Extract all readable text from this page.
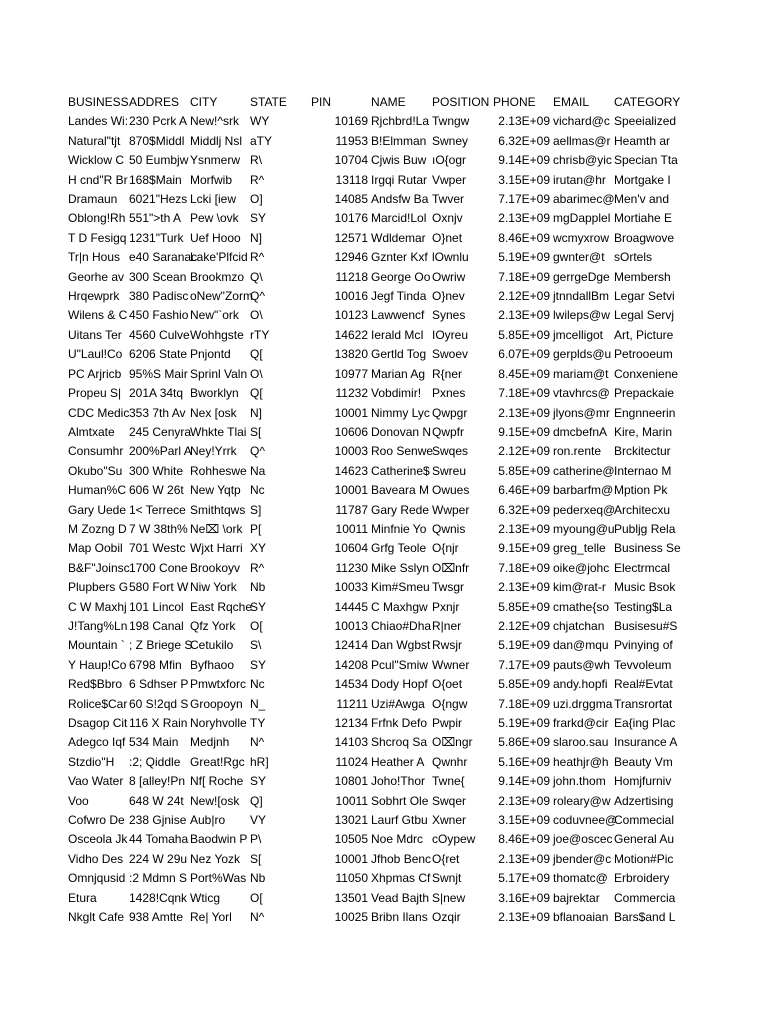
BUSINESS	ADDRES	CITY	STATE	PIN	NAME	POSITION	PHONE	EMAIL	CATEGORY
Landes Wi:	230 Pcrk A	New!^srk	WY	10169	Rjchbrd!La	Twngw	2.13E+09	vichard@c	Speeialized
Natural"tjt	870$Middl	Middlj Nsl	aTY	11953	B!Elmman	Swney	6.32E+09	aellmas@r	Heamth ar
Wicklow C	50 Eumbjw	Ysnmerw	R\	10704	Cjwis Buw	ıO{ogr	9.14E+09	chrisb@yic	Specian Tta
H cnd"R Br	168$Main	Morfwib	R^	13118	Irgqi Rutar	Vwper	3.15E+09	irutan@hr	Mortgake I
Dramaun	6021"Hezs	Lcki [iew	O]	14085	Andsfw Ba	Twver	7.17E+09	abarimec@	Men'v and
Oblong!Rh	551">th A	Pew \ovk	SY	10176	Marcid!Lol	Oxnjv	2.13E+09	mgDapplel	Mortiahe E
T D Fesigq	1231"Turk	Uef Hooo	N]	12571	Wdldemar	O}net	8.46E+09	wcmyxrow	Broagwove
Tr|n Hous	e40 Saranac	Lake'Plfcid	R^	12946	Gznter Kxf	lOwnlu	5.19E+09	gwnter@t	sOrtels
Georhe av	300 Scean	Brookmzo	Q\	11218	George Oo	Owriw	7.18E+09	gerrgeDge	Membersh
Hrqewprk	380 Padisc	oNew"Zorm	Q^	10016	Jegf Tinda	O}nev	2.12E+09	jtnndallBm	Legar Setvi
Wilens & C	450 Fashio	New"`ork	O\	10123	Lawwencf	Synes	2.13E+09	lwileps@w	Legal Servj
Uitans Ter	4560 Culve	Wohhgste	rTY	14622	Ierald McI	IOyreu	5.85E+09	jmcelligot	Art, Picture
U"Laul!Co	6206 State	Pnjontd	Q[	13820	Gertld Tog	Swoev	6.07E+09	gerplds@u	Petrooeum
PC Arjricb	95%S Mair	Sprinl Valn	O\	10977	Marian Ag	R{ner	8.45E+09	mariam@t	Conxeniene
Propeu S|	201A 34tq	Bworklyn	Q[	11232	Vobdimir!	Pxnes	7.18E+09	vtavhrcs@	Prepackaie
CDC Medic	353 7th Av	Nex [osk	N]	10001	Nimmy Lyc	Qwpgr	2.13E+09	jlyons@mr	Engnneerin
Almtxate	245 Cenyra	Whkte Tlai	S[	10606	Donovan N	Qwpfr	9.15E+09	dmcbefnA	Kire, Marin
Consumhr	200%Parl A	Ney!Yrrk	Q^	10003	Roo Senwe	Swqes	2.12E+09	ron.rente	Brckitectur
Okubo"Su	300 White	Rohheswe	Na	14623	Catherine$	Swreu	5.85E+09	catherine@	Internao M
Human%C	606 W 26t	New Yqtp	Nc	10001	Baveara M	Owues	6.46E+09	barbarfm@	Mption Pk
Gary Uede	1< Terrece	Smithtqws	S]	11787	Gary Rede	Wwper	6.32E+09	pederxeq@	Architecxu
M Zozng D	7 W 38th%	Ne⌧ \ork	P[	10011	Minfnie Yo	Qwnis	2.13E+09	myoung@u	Publjg Rela
Map Oobil	701 Westc	Wjxt Harri	XY	10604	Grfg Teole	O{njr	9.15E+09	greg_telle	Business Se
B&F"Joinsc	1700 Cone	Brookoyv	R^	11230	Mike Sslyn	O⌧nfr	7.18E+09	oike@johc	Electrmcal
Plupbers G	580 Fort W	Niw York	Nb	10033	Kim#Smeu	Twsgr	2.13E+09	kim@rat-r	Music Bsok
C W Maxhj	101 Lincol	East Rqche	SY	14445	C Maxhgw	Pxnjr	5.85E+09	cmathe{so	Testing$La
J!Tang%Ln	198 Canal	Qfz York	O[	10013	Chiao#Dha	R|ner	2.12E+09	chjatchan	Busisesu#S
Mountain `	; Z Briege S	Cetukilo	S\	12414	Dan Wgbst	Rwsjr	5.19E+09	dan@mqu	Pvinying of
Y Haup!Co	6798 Mfin	Byfhaoo	SY	14208	Pcul"Smiw	Wwner	7.17E+09	pauts@wh	Tevvoleum
Red$Bbro	6 Sdhser P	Pmwtxforc	Nc	14534	Dody Hopf	O{oet	5.85E+09	andy.hopfi	Real#Evtat
Rolice$Car	60 S!2qd S	Groopoyn	N_	11211	Uzi#Awga	O{ngw	7.18E+09	uzi.drggma	Transrortat
Dsagop Cit	116 X Rain	Noryhvolle	TY	12134	Frfnk Defo	Pwpir	5.19E+09	frarkd@cir	Ea{ing Plac
Adegco Iqf	534 Main	Medjnh	N^	14103	Shcroq Sa	O⌧ngr	5.86E+09	slaroo.sau	Insurance A
Stzdio"H	:2; Qiddle	Great!Rgc	hR]	11024	Heather A	Qwnhr	5.16E+09	heathjr@h	Beauty Vm
Vao Water	8 [alley!Pn	Nf[ Roche	SY	10801	Joho!Thor	Twne{	9.14E+09	john.thom	Homjfurniv
Voo	648 W 24t	New![osk	Q]	10011	Sobhrt Ole	Swqer	2.13E+09	roleary@w	Adzertising
Cofwro De	238 Gjnise	Aub|ro	VY	13021	Laurf Gtbu	Xwner	3.15E+09	coduvnee@	Commecial
Osceola Jk	44 Tomaha	Baodwin P	P\	10505	Noe Mdrc	cOypew	8.46E+09	joe@oscec	General Au
Vidho Des	224 W 29u	Nez Yozk	S[	10001	Jfhob Benc	O{ret	2.13E+09	jbender@c	Motion#Pic
Omnjqusid	:2 Mdmn S	Port%Was	Nb	11050	Xhpmas Cf	Swnjt	5.17E+09	thomatc@	Erbroidery
Etura	1428!Cqnk	Wticg	O[	13501	Vead Bajth	S|new	3.16E+09	bajrektar	Commercia
Nkglt Cafe	938 Amtte	Re| Yorl	N^	10025	Bribn Ilans	Ozqir	2.13E+09	bflanoaian	Bars$and L
